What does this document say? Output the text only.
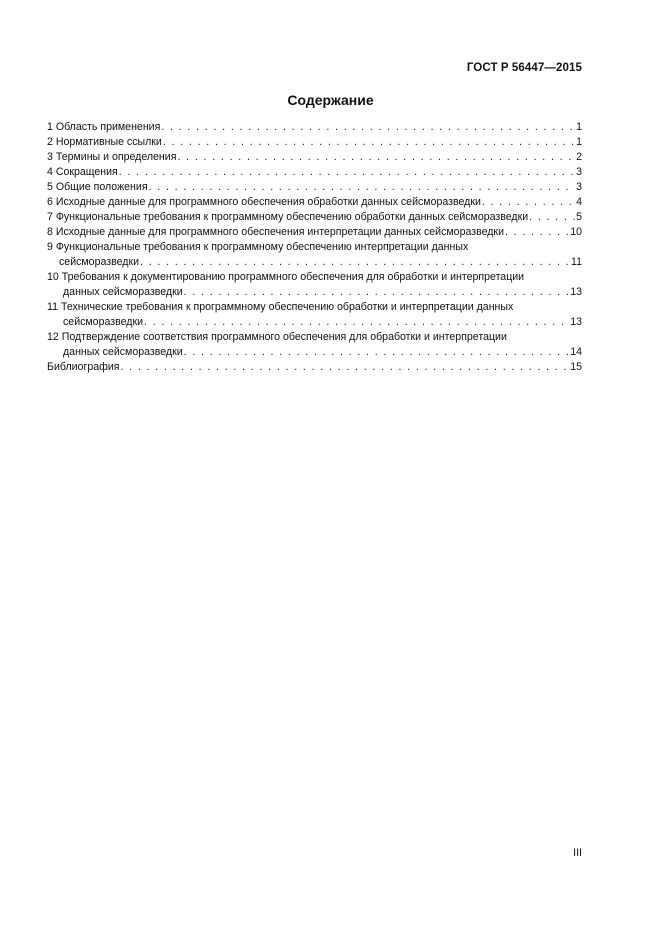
ГОСТ Р 56447—2015
Содержание
1 Область применения . . .	1
2 Нормативные ссылки . . .	1
3 Термины и определения . . .	2
4 Сокращения . . .	3
5 Общие положения . . .	3
6 Исходные данные для программного обеспечения обработки данных сейсморазведки . . .	4
7 Функциональные требования к программному обеспечению обработки данных сейсморазведки . . .	5
8 Исходные данные для программного обеспечения интерпретации данных сейсморазведки . . .	10
9 Функциональные требования к программному обеспечению интерпретации данных
сейсморазведки . . .	11
10 Требования к документированию программного обеспечения для обработки и интерпретации
данных сейсморазведки . . .	13
11 Технические требования к программному обеспечению обработки и интерпретации данных
сейсморазведки . . .	13
12 Подтверждение соответствия программного обеспечения для обработки и интерпретации
данных сейсморазведки . . .	14
Библиография . . .	15
III
